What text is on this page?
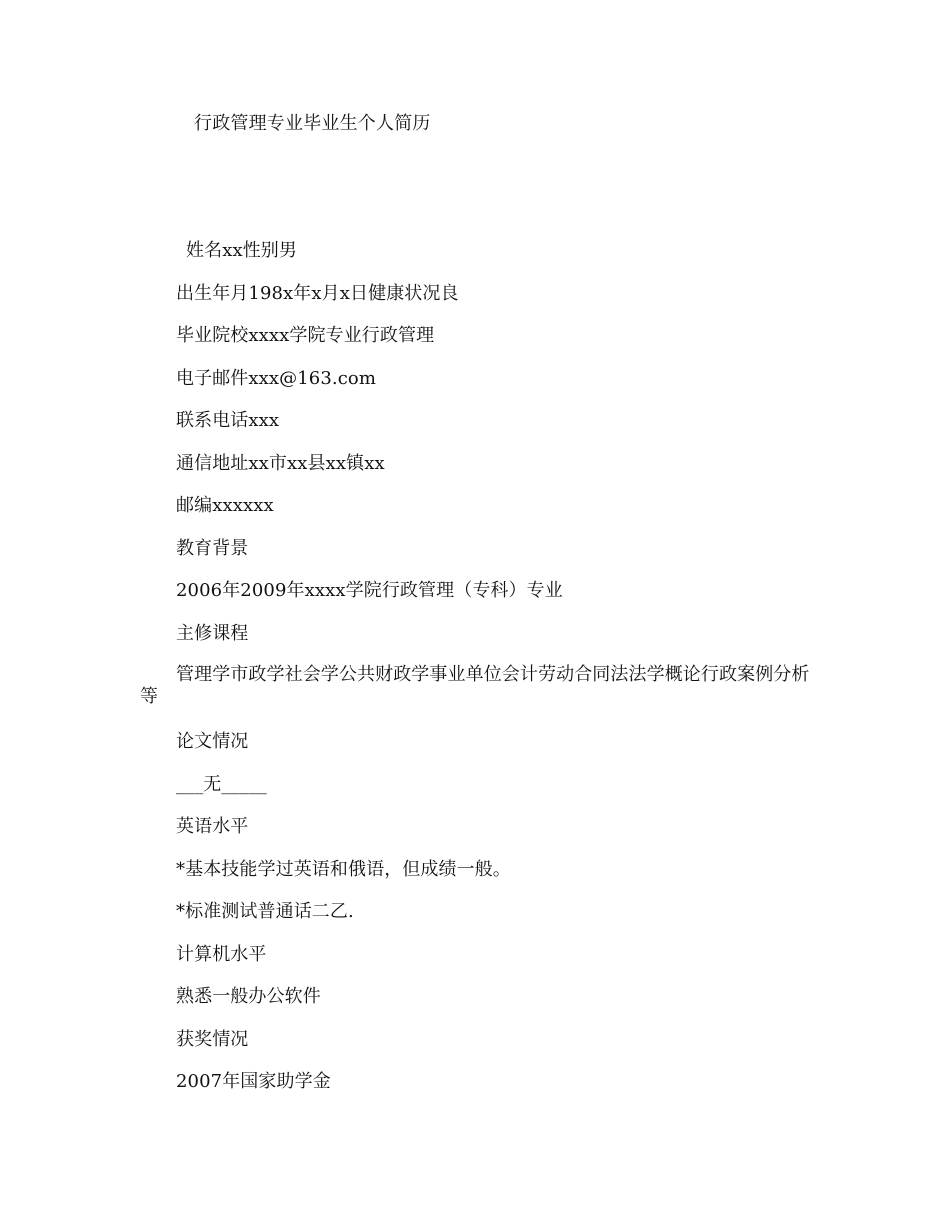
行政管理专业毕业生个人简历

姓名xx性别男

出生年月198x年x月x日健康状况良

毕业院校xxxx学院专业行政管理

电子邮件xxx@163.com

联系电话xxx

通信地址xx市xx县xx镇xx

邮编xxxxxx

教育背景

2006年2009年xxxx学院行政管理（专科）专业

主修课程

管理学市政学社会学公共财政学事业单位会计劳动合同法法学概论行政案例分析等

论文情况

___无_____

英语水平

*基本技能学过英语和俄语，但成绩一般。

*标准测试普通话二乙.

计算机水平

熟悉一般办公软件

获奖情况

2007年国家助学金
